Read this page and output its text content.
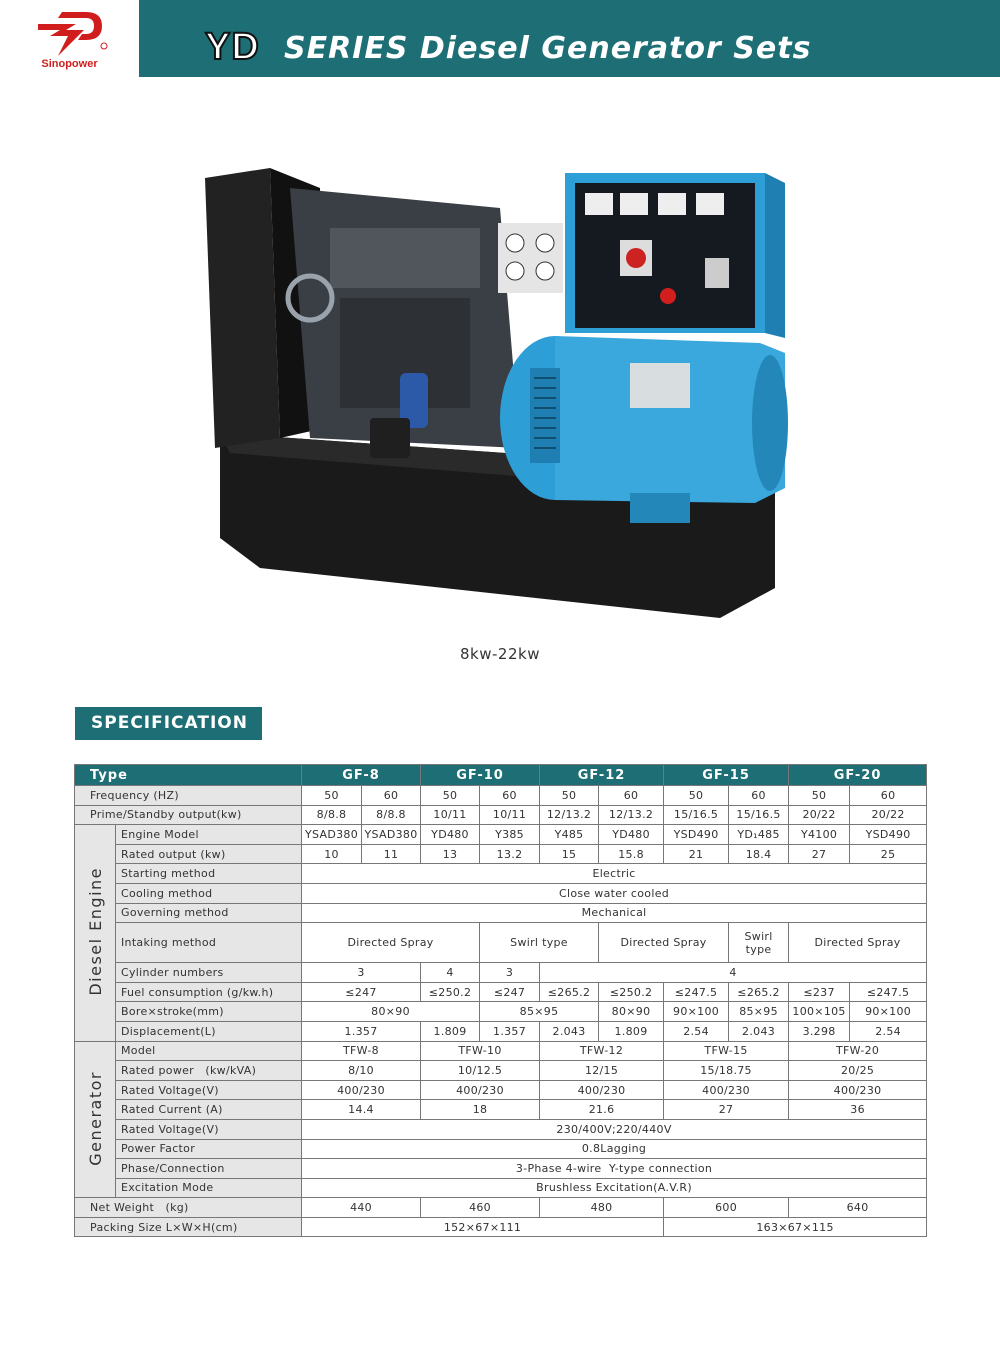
Sinopower	YD SERIES Diesel Generator Sets
8kw-22kw
SPECIFICATION
Type		GF-8		GF-10		GF-12		GF-15		GF-20	
Frequency (HZ)		50	60	50	60	50	60	50	60	50	60
Prime/Standby output(kw)		8/8.8	8/8.8	10/11	10/11	12/13.2	12/13.2	15/16.5	15/16.5	20/22	20/22
Diesel Engine	Engine Model	YSAD380	YSAD380	YD480	Y385	Y485	YD480	YSD490	YD₁485	Y4100	YSD490
	Rated output (kw)	10	11	13	13.2	15	15.8	21	18.4	27	25
	Starting method	Electric									
	Cooling method	Close water cooled									
	Governing method	Mechanical									
	Intaking method	Directed Spray			Swirl type		Directed Spray		Swirl type	Directed Spray	
	Cylinder numbers	3		4	3	4					
	Fuel consumption (g/kw.h)	≤247		≤250.2	≤247	≤265.2	≤250.2	≤247.5	≤265.2	≤237	≤247.5
	Bore×stroke(mm)	80×90			85×95		80×90	90×100	85×95	100×105	90×100
	Displacement(L)	1.357		1.809	1.357	2.043	1.809	2.54	2.043	3.298	2.54
Generator	Model	TFW-8		TFW-10		TFW-12		TFW-15		TFW-20	
	Rated power   (kw/kVA)	8/10		10/12.5		12/15		15/18.75		20/25	
	Rated Voltage(V)	400/230		400/230		400/230		400/230		400/230	
	Rated Current (A)	14.4		18		21.6		27		36	
	Rated Voltage(V)	230/400V;220/440V									
	Power Factor	0.8Lagging									
	Phase/Connection	3-Phase 4-wire  Y-type connection									
	Excitation Mode	Brushless Excitation(A.V.R)									
Net Weight   (kg)		440		460		480		600		640	
Packing Size L×W×H(cm)		152×67×111						163×67×115			
